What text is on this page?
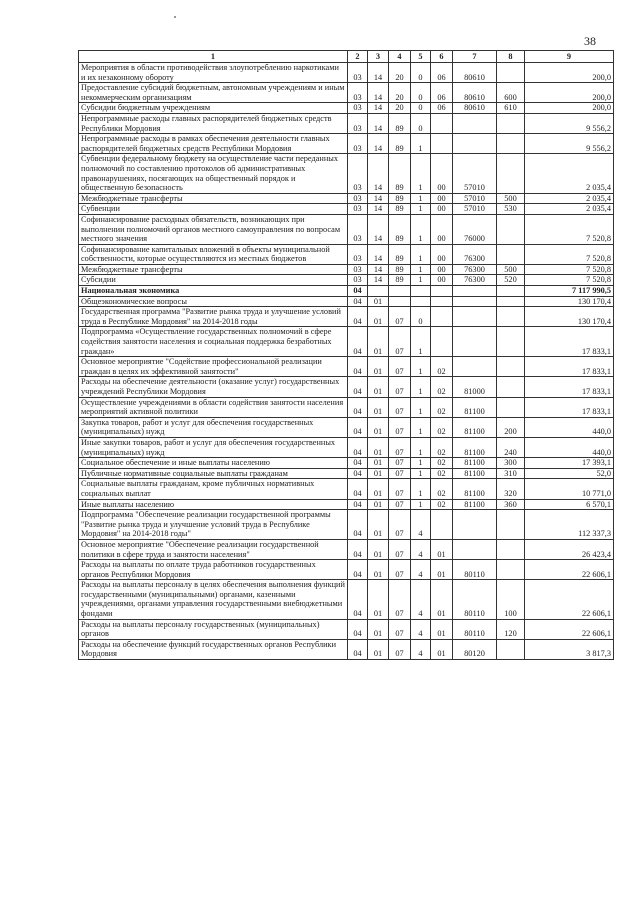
38
1	2	3	4	5	6	7	8	9
Мероприятия в области противодействия злоупотреблению наркотиками и их незаконному обороту	03	14	20	0	06	80610		200,0
Предоставление субсидий бюджетным, автономным учреждениям и иным некоммерческим организациям	03	14	20	0	06	80610	600	200,0
Субсидии бюджетным учреждениям	03	14	20	0	06	80610	610	200,0
Непрограммные расходы главных распорядителей бюджетных средств Республики Мордовия	03	14	89	0				9 556,2
Непрограммные расходы в рамках обеспечения деятельности главных распорядителей бюджетных средств Республики Мордовия	03	14	89	1				9 556,2
Субвенции федеральному бюджету на осуществление части переданных полномочий по составлению протоколов об административных правонарушениях, посягающих на общественный порядок и общественную безопасность	03	14	89	1	00	57010		2 035,4
Межбюджетные трансферты	03	14	89	1	00	57010	500	2 035,4
Субвенции	03	14	89	1	00	57010	530	2 035,4
Софинансирование расходных обязательств, возникающих при выполнении полномочий органов местного самоуправления по вопросам местного значения	03	14	89	1	00	76000		7 520,8
Софинансирование капитальных вложений в объекты муниципальной собственности, которые осуществляются из местных бюджетов	03	14	89	1	00	76300		7 520,8
Межбюджетные трансферты	03	14	89	1	00	76300	500	7 520,8
Субсидии	03	14	89	1	00	76300	520	7 520,8
Национальная экономика	04							7 117 990,5
Общеэкономические вопросы	04	01						130 170,4
Государственная программа "Развитие рынка труда и улучшение условий труда в Республике Мордовия" на 2014-2018 годы	04	01	07	0				130 170,4
Подпрограмма «Осуществление государственных полномочий в сфере содействия занятости населения и социальная поддержка безработных граждан»	04	01	07	1				17 833,1
Основное мероприятие "Содействие профессиональной реализации граждан в целях их эффективной занятости"	04	01	07	1	02			17 833,1
Расходы на обеспечение деятельности (оказание услуг) государственных учреждений Республики Мордовия	04	01	07	1	02	81000		17 833,1
Осуществление учреждениями в области содействия занятости населения мероприятий активной политики	04	01	07	1	02	81100		17 833,1
Закупка товаров, работ и услуг для обеспечения государственных (муниципальных) нужд	04	01	07	1	02	81100	200	440,0
Иные закупки товаров, работ и услуг для обеспечения государственных (муниципальных) нужд	04	01	07	1	02	81100	240	440,0
Социальное обеспечение и иные выплаты населению	04	01	07	1	02	81100	300	17 393,1
Публичные нормативные социальные выплаты гражданам	04	01	07	1	02	81100	310	52,0
Социальные выплаты гражданам, кроме публичных нормативных социальных выплат	04	01	07	1	02	81100	320	10 771,0
Иные выплаты населению	04	01	07	1	02	81100	360	6 570,1
Подпрограмма "Обеспечение реализации государственной программы "Развитие рынка труда и улучшение условий труда в Республике Мордовия" на 2014-2018 годы"	04	01	07	4				112 337,3
Основное мероприятие "Обеспечение реализации государственной политики в сфере труда и занятости населения"	04	01	07	4	01			26 423,4
Расходы на выплаты по оплате труда работников государственных органов Республики Мордовия	04	01	07	4	01	80110		22 606,1
Расходы на выплаты персоналу в целях обеспечения выполнения функций государственными (муниципальными) органами, казенными учреждениями, органами управления государственными внебюджетными фондами	04	01	07	4	01	80110	100	22 606,1
Расходы на выплаты персоналу государственных (муниципальных) органов	04	01	07	4	01	80110	120	22 606,1
Расходы на обеспечение функций государственных органов Республики Мордовия	04	01	07	4	01	80120		3 817,3
